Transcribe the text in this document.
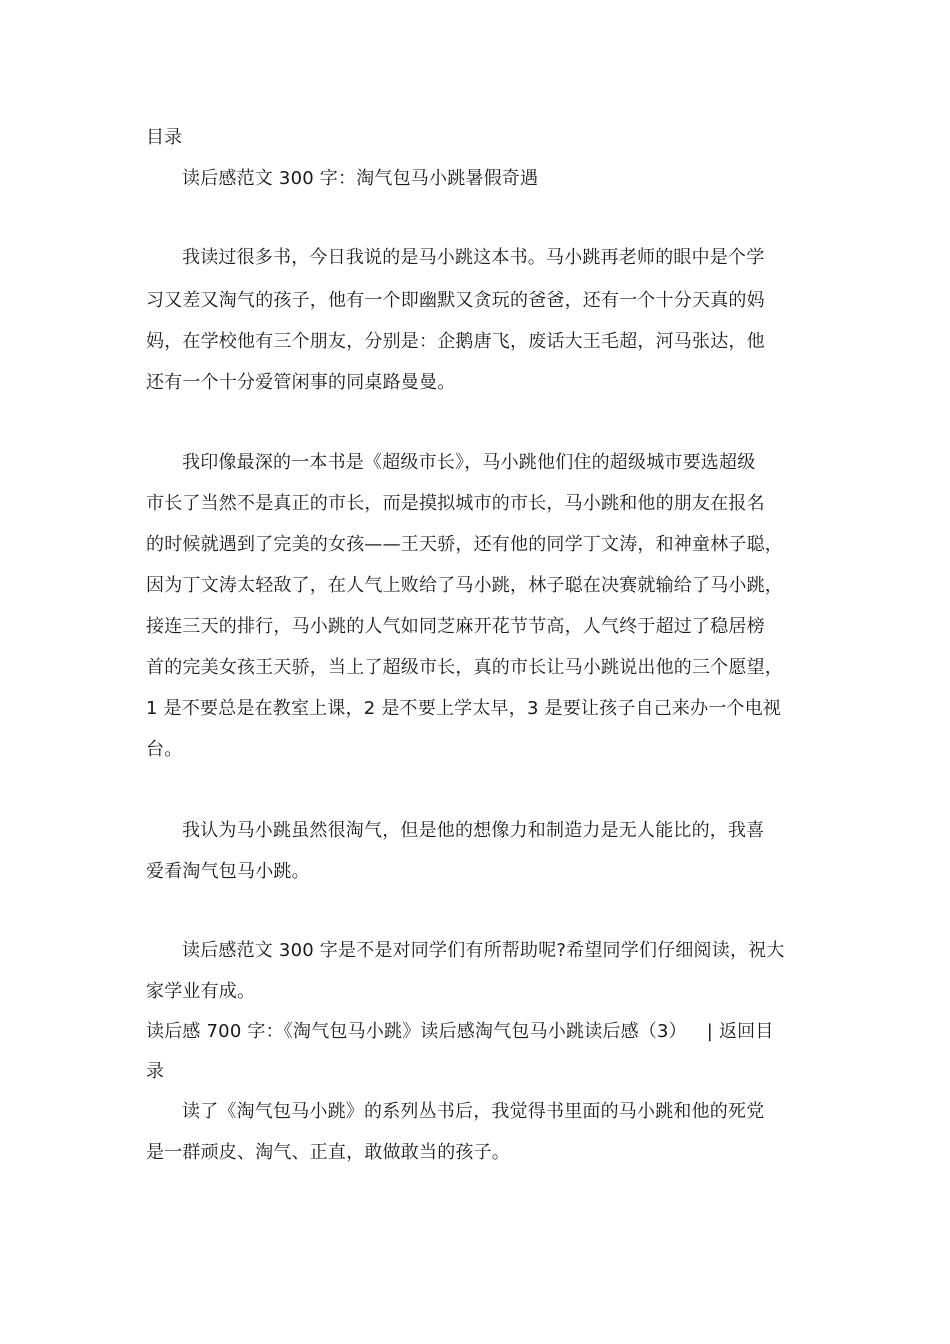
目录
读后感范文 300 字：淘气包马小跳暑假奇遇
我读过很多书，今日我说的是马小跳这本书。马小跳再老师的眼中是个学
习又差又淘气的孩子，他有一个即幽默又贪玩的爸爸，还有一个十分天真的妈
妈，在学校他有三个朋友，分别是：企鹅唐飞，废话大王毛超，河马张达，他
还有一个十分爱管闲事的同桌路曼曼。
我印像最深的一本书是《超级市长》，马小跳他们住的超级城市要选超级
市长了当然不是真正的市长，而是摸拟城市的市长，马小跳和他的朋友在报名
的时候就遇到了完美的女孩——王天骄，还有他的同学丁文涛，和神童林子聪，
因为丁文涛太轻敌了，在人气上败给了马小跳，林子聪在决赛就输给了马小跳，
接连三天的排行，马小跳的人气如同芝麻开花节节高，人气终于超过了稳居榜
首的完美女孩王天骄，当上了超级市长，真的市长让马小跳说出他的三个愿望，
1 是不要总是在教室上课，2 是不要上学太早，3 是要让孩子自己来办一个电视
台。
我认为马小跳虽然很淘气，但是他的想像力和制造力是无人能比的，我喜
爱看淘气包马小跳。
读后感范文 300 字是不是对同学们有所帮助呢?希望同学们仔细阅读，祝大
家学业有成。
读后感 700 字：《淘气包马小跳》读后感淘气包马小跳读后感（3） | 返回目
录
读了《淘气包马小跳》的系列丛书后，我觉得书里面的马小跳和他的死党
是一群顽皮、淘气、正直，敢做敢当的孩子。
